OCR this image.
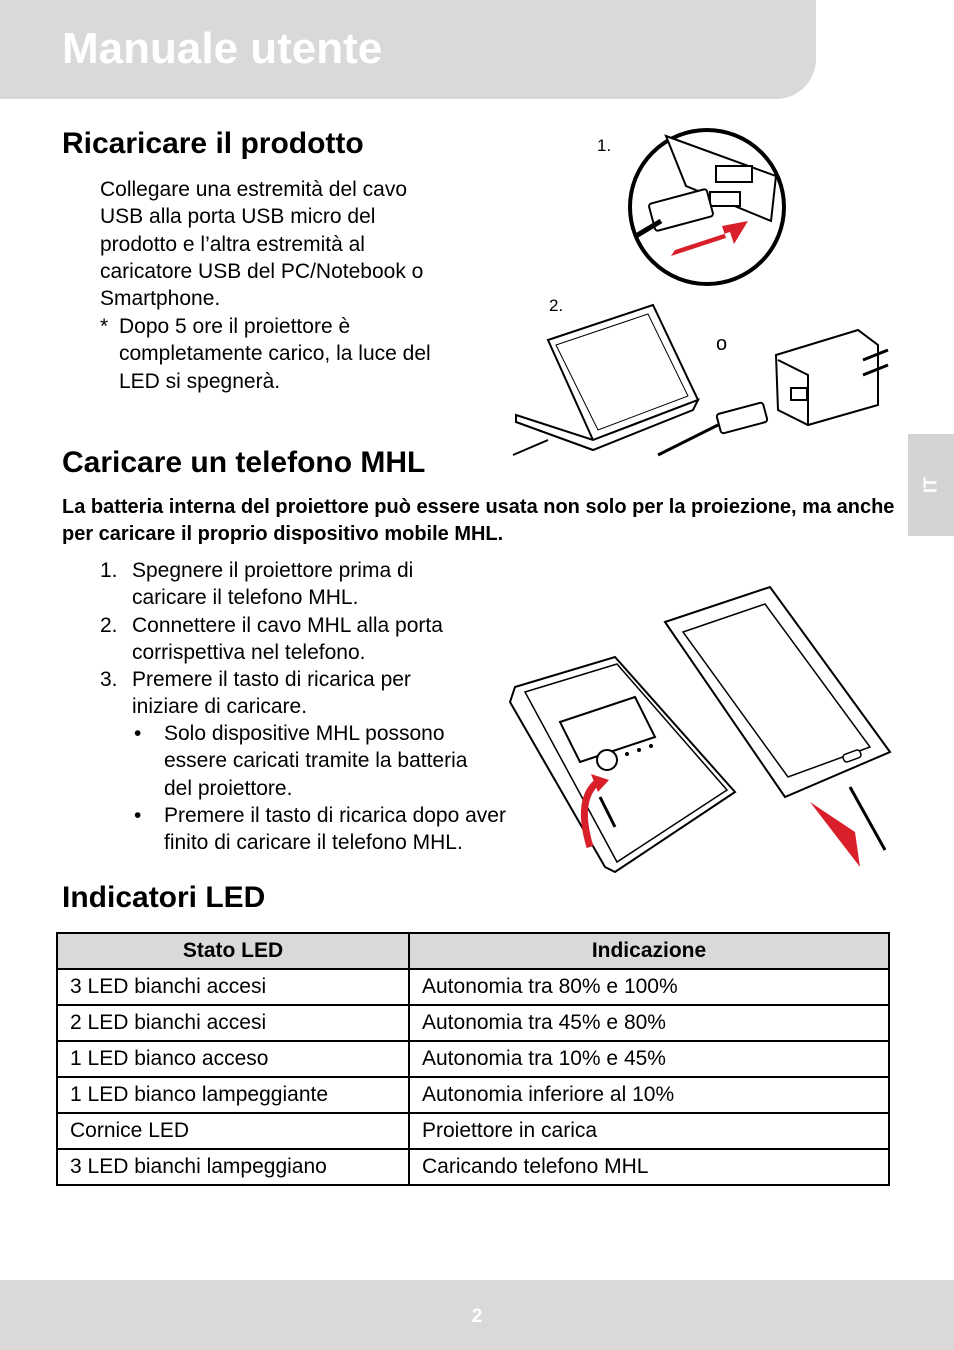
Manuale utente
IT
Ricaricare il prodotto
Collegare una estremità del cavo
USB alla porta USB micro del
prodotto e l’altra estremità al
caricatore USB del PC/Notebook o
Smartphone.
* Dopo 5 ore il proiettore è
completamente carico, la luce del
LED si spegnerà.
1.
2.
o
Caricare un telefono MHL
La batteria interna del proiettore può essere usata non solo per la proiezione, ma anche per caricare il proprio dispositivo mobile MHL.
1. Spegnere il proiettore prima di
caricare il telefono MHL.
2. Connettere il cavo MHL alla porta
corrispettiva nel telefono.
3. Premere il tasto di ricarica per
iniziare di caricare.
• Solo dispositive MHL possono
essere caricati tramite la batteria
del proiettore.
• Premere il tasto di ricarica dopo aver
finito di caricare il telefono MHL.
Indicatori LED
Stato LED	Indicazione
3 LED bianchi accesi	Autonomia tra 80% e 100%
2 LED bianchi accesi	Autonomia tra 45% e 80%
1 LED bianco acceso	Autonomia tra 10% e 45%
1 LED bianco lampeggiante	Autonomia inferiore al 10%
Cornice LED	Proiettore in carica
3 LED bianchi lampeggiano	Caricando telefono MHL
2
